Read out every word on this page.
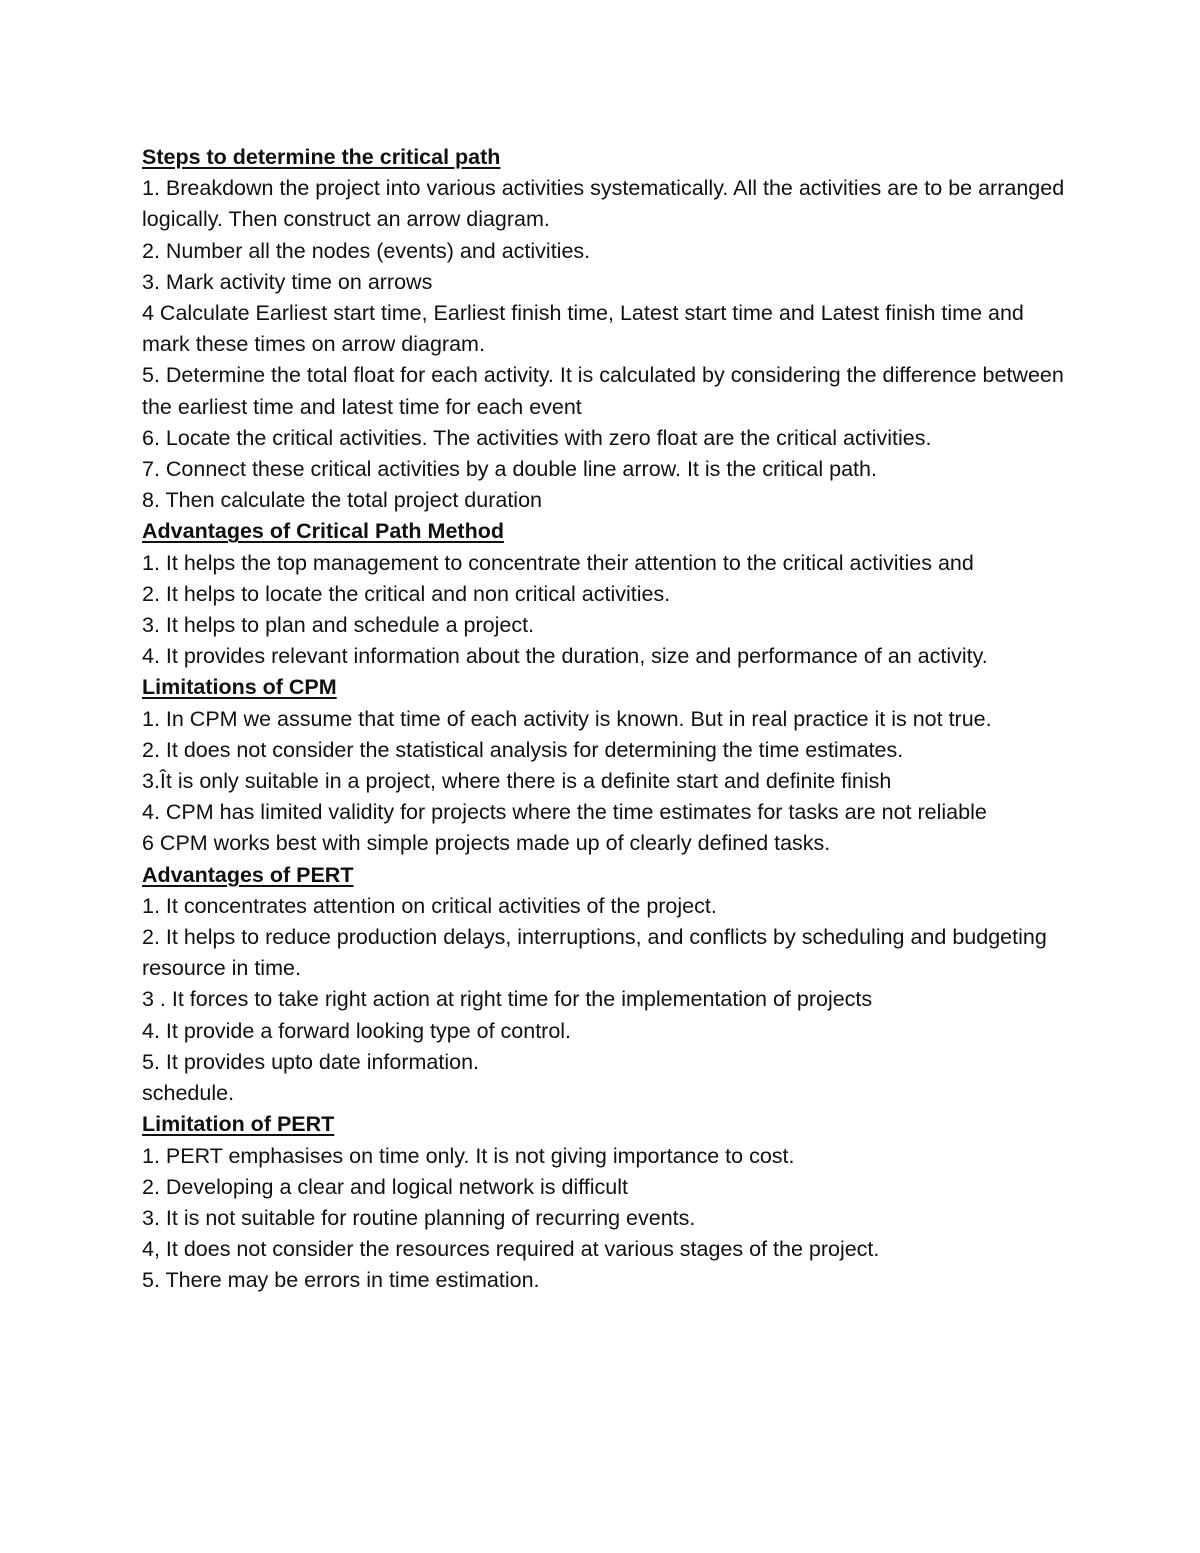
Steps to determine the critical path
1. Breakdown the project into various activities systematically. All the activities are to be arranged logically. Then construct an arrow diagram.
2. Number all the nodes (events) and activities.
3. Mark activity time on arrows
4 Calculate Earliest start time, Earliest finish time, Latest start time and Latest finish time and mark these times on arrow diagram.
5. Determine the total float for each activity. It is calculated by considering the difference between the earliest time and latest time for each event
6. Locate the critical activities. The activities with zero float are the critical activities.
7. Connect these critical activities by a double line arrow. It is the critical path.
8. Then calculate the total project duration
Advantages of Critical Path Method
1. It helps the top management to concentrate their attention to the critical activities and
2. It helps to locate the critical and non critical activities.
3. It helps to plan and schedule a project.
4. It provides relevant information about the duration, size and performance of an activity.
Limitations of CPM
1. In CPM we assume that time of each activity is known. But in real practice it is not true.
2. It does not consider the statistical analysis for determining the time estimates.
3.Ît is only suitable in a project, where there is a definite start and definite finish
4. CPM has limited validity for projects where the time estimates for tasks are not reliable
6 CPM works best with simple projects made up of clearly defined tasks.
Advantages of PERT
1. It concentrates attention on critical activities of the project.
2. It helps to reduce production delays, interruptions, and conflicts by scheduling and budgeting resource in time.
3 . It forces to take right action at right time for the implementation of projects
4. It provide a forward looking type of control.
5. It provides upto date information.
schedule.
Limitation of PERT
1. PERT emphasises on time only. It is not giving importance to cost.
2. Developing a clear and logical network is difficult
3. It is not suitable for routine planning of recurring events.
4, It does not consider the resources required at various stages of the project.
5. There may be errors in time estimation.
